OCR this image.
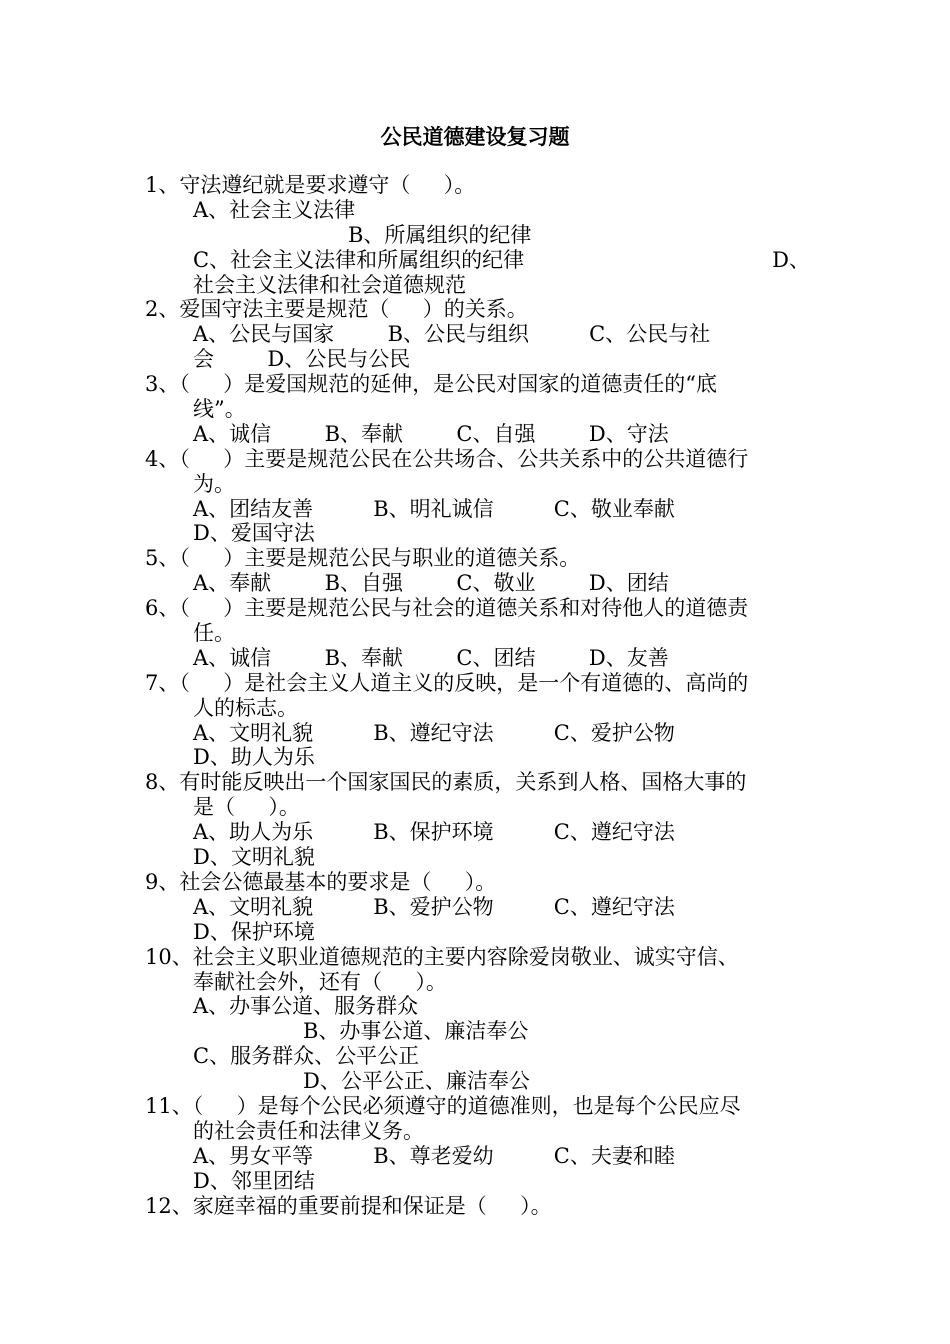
公民道德建设复习题
1、守法遵纪就是要求遵守（     ）。
A、社会主义法律
B、所属组织的纪律
C、社会主义法律和所属组织的纪律	D、
社会主义法律和社会道德规范
2、爱国守法主要是规范（     ）的关系。
A、公民与国家        B、公民与组织         C、公民与社
会        D、公民与公民
3、（     ）是爱国规范的延伸，是公民对国家的道德责任的“底
线”。
A、诚信        B、奉献        C、自强        D、守法
4、（     ）主要是规范公民在公共场合、公共关系中的公共道德行
为。
A、团结友善         B、明礼诚信         C、敬业奉献
D、爱国守法
5、（     ）主要是规范公民与职业的道德关系。
A、奉献        B、自强        C、敬业        D、团结
6、（     ）主要是规范公民与社会的道德关系和对待他人的道德责
任。
A、诚信        B、奉献        C、团结        D、友善
7、（     ）是社会主义人道主义的反映，是一个有道德的、高尚的
人的标志。
A、文明礼貌         B、遵纪守法         C、爱护公物
D、助人为乐
8、有时能反映出一个国家国民的素质，关系到人格、国格大事的
是（     ）。
A、助人为乐         B、保护环境         C、遵纪守法
D、文明礼貌
9、社会公德最基本的要求是（     ）。
A、文明礼貌         B、爱护公物         C、遵纪守法
D、保护环境
10、社会主义职业道德规范的主要内容除爱岗敬业、诚实守信、
奉献社会外，还有（     ）。
A、办事公道、服务群众
B、办事公道、廉洁奉公
C、服务群众、公平公正
D、公平公正、廉洁奉公
11、（     ）是每个公民必须遵守的道德准则，也是每个公民应尽
的社会责任和法律义务。
A、男女平等         B、尊老爱幼         C、夫妻和睦
D、邻里团结
12、家庭幸福的重要前提和保证是（     ）。
